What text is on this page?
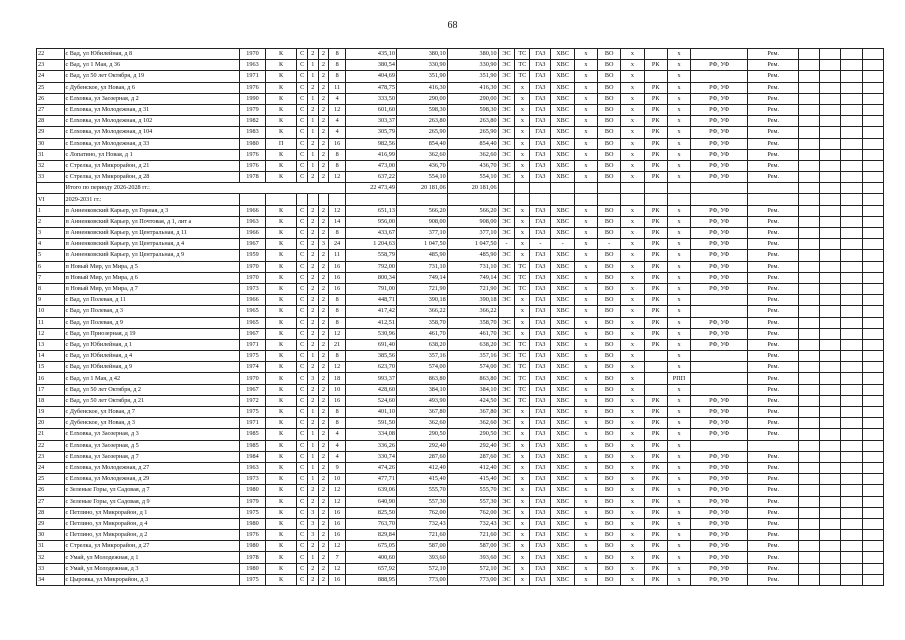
68
22	с Вад, ул Юбилейная, д 8	1970	К	С	2	2	8	435,10	380,10	380,10	ЭС	ТС	ГАЗ	ХВС	х	ВО	х		х		Рем.				
23	с Вад, ул 1 Мая, д 36	1963	К	С	1	2	8	380,54	330,90	330,90	ЭС	ТС	ГАЗ	ХВС	х	ВО	х	РК	х	РФ, УФ	Рем.				
24	с Вад, ул 50 лет Октября, д 19	1971	К	С	1	2	8	404,69	351,90	351,90	ЭС	ТС	ГАЗ	ХВС	х	ВО	х		х		Рем.				
25	с Дубенское, ул Новая, д 6	1976	К	С	2	2	11	478,75	416,30	416,30	ЭС	х	ГАЗ	ХВС	х	ВО	х	РК	х	РФ, УФ	Рем.				
26	с Елховка, ул Заозерная, д 2	1990	К	С	1	2	4	333,50	290,00	290,00	ЭС	х	ГАЗ	ХВС	х	ВО	х	РК	х	РФ, УФ	Рем.				
27	с Елховка, ул Молодежная, д 31	1979	К	С	2	2	12	601,60	598,30	598,30	ЭС	х	ГАЗ	ХВС	х	ВО	х	РК	х	РФ, УФ	Рем.				
28	с Елховка, ул Молодежная, д 102	1982	К	С	1	2	4	303,37	263,80	263,80	ЭС	х	ГАЗ	ХВС	х	ВО	х	РК	х	РФ, УФ	Рем.				
29	с Елховка, ул Молодежная, д 104	1983	К	С	1	2	4	305,79	265,90	265,90	ЭС	х	ГАЗ	ХВС	х	ВО	х	РК	х	РФ, УФ	Рем.				
30	с Елховка, ул Молодежная, д 33	1980	П	С	2	2	16	982,56	854,40	854,40	ЭС	х	ГАЗ	ХВС	х	ВО	х	РК	х	РФ, УФ	Рем.				
31	с Лопатино, ул Новая, д 1	1976	К	С	1	2	8	416,99	362,60	362,60	ЭС	х	ГАЗ	ХВС	х	ВО	х	РК	х	РФ, УФ	Рем.				
32	с Стрелка, ул Микрорайон, д 21	1976	К	С	1	2	8	473,00	436,70	436,70	ЭС	х	ГАЗ	ХВС	х	ВО	х	РК	х	РФ, УФ	Рем.				
33	с Стрелка, ул Микрорайон, д 28	1978	К	С	2	2	12	637,22	554,10	554,10	ЭС	х	ГАЗ	ХВС	х	ВО	х	РК	х	РФ, УФ	Рем.				
	Итого по периоду 2026-2028 гг.:							22 473,49	20 181,06	20 181,06															
VI	2029-2031 гг.:																								
1	п Анненковский Карьер, ул Горная, д 3	1966	К	С	2	2	12	651,13	566,20	566,20	ЭС	х	ГАЗ	ХВС	х	ВО	х	РК	х	РФ, УФ	Рем.				
2	п Анненковский Карьер, ул Почтовая, д 1, лит а	1963	К	С	2	2	14	956,00	908,00	908,00	ЭС	х	ГАЗ	ХВС	х	ВО	х	РК	х	РФ, УФ	Рем.				
3	п Анненковский Карьер, ул Центральная, д 11	1966	К	С	2	2	8	433,67	377,10	377,10	ЭС	х	ГАЗ	ХВС	х	ВО	х	РК	х	РФ, УФ	Рем.				
4	п Анненковский Карьер, ул Центральная, д 4	1967	К	С	2	3	24	1 204,63	1 047,50	1 047,50	-	х	-	-	х	-	х	РК	х	РФ, УФ	Рем.				
5	п Анненковский Карьер, ул Центральная, д 9	1959	К	С	2	2	11	558,79	485,90	485,90	ЭС	х	ГАЗ	ХВС	х	ВО	х	РК	х	РФ, УФ	Рем.				
6	п Новый Мир, ул Мира, д 5	1970	К	С	2	2	16	792,00	731,10	731,10	ЭС	ТС	ГАЗ	ХВС	х	ВО	х	РК	х	РФ, УФ	Рем.				
7	п Новый Мир, ул Мира, д 6	1970	К	С	2	2	16	800,34	749,14	749,14	ЭС	ТС	ГАЗ	ХВС	х	ВО	х	РК	х	РФ, УФ	Рем.				
8	п Новый Мир, ул Мира, д 7	1973	К	С	2	2	16	791,00	721,90	721,90	ЭС	ТС	ГАЗ	ХВС	х	ВО	х	РК	х	РФ, УФ	Рем.				
9	с Вад, ул Полевая, д 11	1966	К	С	2	2	8	448,71	390,18	390,18	ЭС	х	ГАЗ	ХВС	х	ВО	х	РК	х		Рем.				
10	с Вад, ул Полевая, д 3	1965	К	С	2	2	8	417,42	366,22	366,22		х	ГАЗ	ХВС	х	ВО	х	РК	х		Рем.				
11	с Вад, ул Полевая, д 9	1965	К	С	2	2	8	412,51	358,70	358,70	ЭС	х	ГАЗ	ХВС	х	ВО	х	РК	х	РФ, УФ	Рем.				
12	с Вад, ул Приозерная, д 19	1967	К	С	2	2	12	530,96	461,70	461,70	ЭС	х	ГАЗ	ХВС	х	ВО	х	РК	х	РФ, УФ	Рем.				
13	с Вад, ул Юбилейная, д 1	1971	К	С	2	2	21	691,40	638,20	638,20	ЭС	ТС	ГАЗ	ХВС	х	ВО	х	РК	х	РФ, УФ	Рем.				
14	с Вад, ул Юбилейная, д 4	1975	К	С	1	2	8	385,56	357,16	357,16	ЭС	ТС	ГАЗ	ХВС	х	ВО	х		х		Рем.				
15	с Вад, ул Юбилейная, д 9	1974	К	С	2	2	12	623,70	574,00	574,00	ЭС	ТС	ГАЗ	ХВС	х	ВО	х		х		Рем.				
16	с Вад, ул 1 Мая, д 42	1970	К	С	3	2	18	993,37	863,80	863,80	ЭС	ТС	ГАЗ	ХВС	х	ВО	х		РПП		Рем.				
17	с Вад, ул 50 лет Октября, д 2	1967	К	С	2	2	10	428,60	384,10	384,10	ЭС	ТС	ГАЗ	ХВС	х	ВО	х		х		Рем.				
18	с Вад, ул 50 лет Октября, д 21	1972	К	С	2	2	16	524,60	493,90	424,50	ЭС	ТС	ГАЗ	ХВС	х	ВО	х	РК	х	РФ, УФ	Рем.				
19	с Дубенское, ул Новая, д 7	1975	К	С	1	2	8	401,10	367,80	367,80	ЭС	х	ГАЗ	ХВС	х	ВО	х	РК	х	РФ, УФ	Рем.				
20	с Дубенское, ул Новая, д 3	1971	К	С	2	2	8	591,50	362,60	362,60	ЭС	х	ГАЗ	ХВС	х	ВО	х	РК	х	РФ, УФ	Рем.				
21	с Елховка, ул Заозерная, д 3	1985	К	С	1	2	4	334,08	290,50	290,50	ЭС	х	ГАЗ	ХВС	х	ВО	х	РК	х	РФ, УФ	Рем.				
22	с Елховка, ул Заозерная, д 5	1985	К	С	1	2	4	336,26	292,40	292,40	ЭС	х	ГАЗ	ХВС	х	ВО	х	РК	х						
23	с Елховка, ул Заозерная, д 7	1984	К	С	1	2	4	330,74	287,60	287,60	ЭС	х	ГАЗ	ХВС	х	ВО	х	РК	х	РФ, УФ	Рем.				
24	с Елховка, ул Молодежная, д 27	1963	К	С	1	2	9	474,26	412,40	412,40	ЭС	х	ГАЗ	ХВС	х	ВО	х	РК	х	РФ, УФ	Рем.				
25	с Елховка, ул Молодежная, д 29	1973	К	С	1	2	10	477,71	415,40	415,40	ЭС	х	ГАЗ	ХВС	х	ВО	х	РК	х	РФ, УФ	Рем.				
26	с Зеленые Горы, ул Садовая, д 7	1980	К	С	2	2	12	639,06	555,70	555,70	ЭС	х	ГАЗ	ХВС	х	ВО	х	РК	х	РФ, УФ	Рем.				
27	с Зеленые Горы, ул Садовая, д 9	1979	К	С	2	2	12	640,90	557,30	557,30	ЭС	х	ГАЗ	ХВС	х	ВО	х	РК	х	РФ, УФ	Рем.				
28	с Петлино, ул Микрорайон, д 1	1975	К	С	3	2	16	825,50	762,00	762,00	ЭС	х	ГАЗ	ХВС	х	ВО	х	РК	х	РФ, УФ	Рем.				
29	с Петлино, ул Микрорайон, д 4	1980	К	С	3	2	16	763,70	732,43	732,43	ЭС	х	ГАЗ	ХВС	х	ВО	х	РК	х	РФ, УФ	Рем.				
30	с Петлино, ул Микрорайон, д 2	1976	К	С	3	2	16	829,84	721,60	721,60	ЭС	х	ГАЗ	ХВС	х	ВО	х	РК	х	РФ, УФ	Рем.				
31	с Стрелка, ул Микрорайон, д 27	1980	К	С	2	2	12	675,05	587,00	587,00	ЭС	х	ГАЗ	ХВС	х	ВО	х	РК	х	РФ, УФ	Рем.				
32	с Умай, ул Молодежная, д 1	1978	К	С	1	2	7	400,60	393,60	393,60	ЭС	х	ГАЗ	ХВС	х	ВО	х	РК	х	РФ, УФ	Рем.				
33	с Умай, ул Молодежная, д 3	1980	К	С	2	2	12	657,92	572,10	572,10	ЭС	х	ГАЗ	ХВС	х	ВО	х	РК	х	РФ, УФ	Рем.				
34	с Цыровка, ул Микрорайон, д 3	1975	К	С	2	2	16	888,95	773,00	773,00	ЭС	х	ГАЗ	ХВС	х	ВО	х	РК	х	РФ, УФ	Рем.				
